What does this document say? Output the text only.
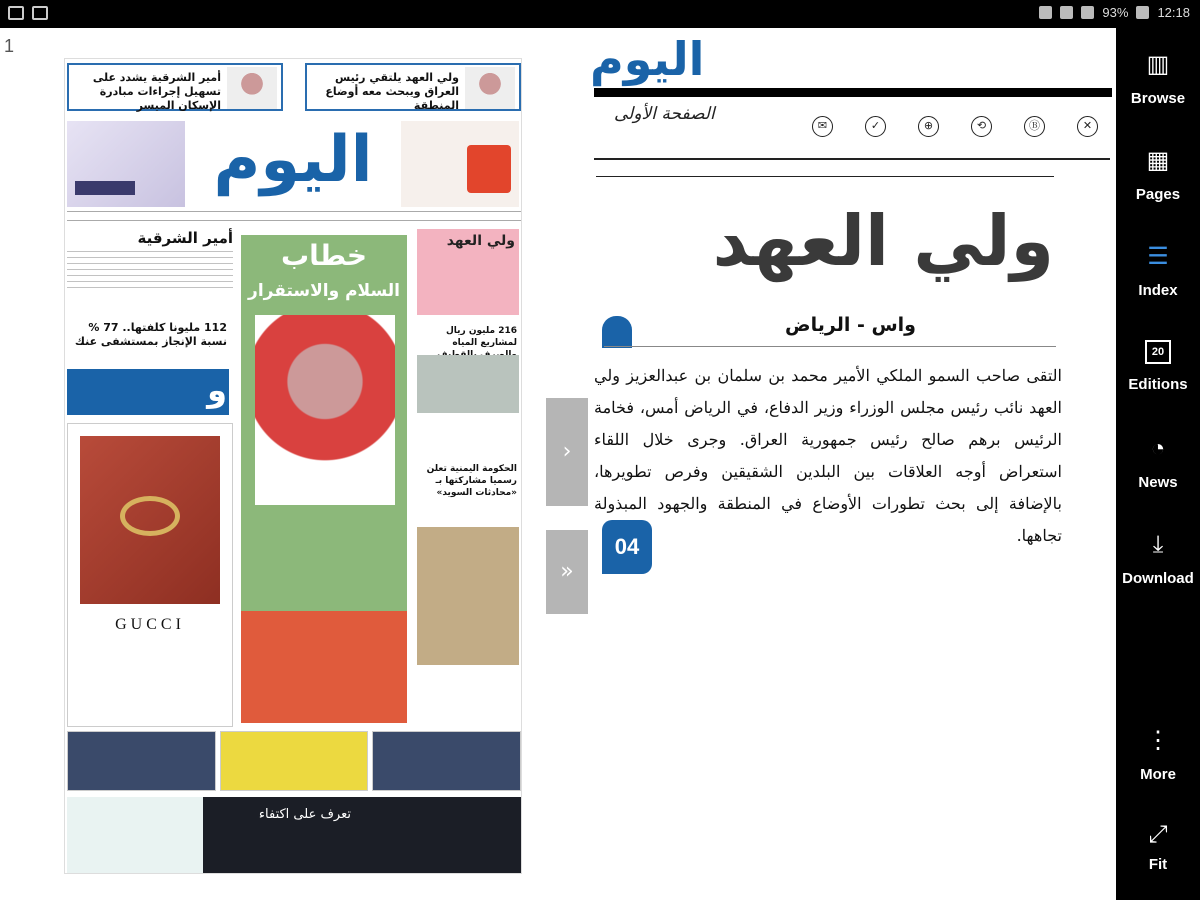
93% 12:18
1
أمير الشرقية يشدد على تسهيل إجراءات مبادرة الإسكان الميسر
ولي العهد يلتقي رئيس العراق ويبحث معه أوضاع المنطقة
اليوم
أمير الشرقية
112 مليونا كلفتها.. 77 % نسبة الإنجاز بمستشفى عنك
و
GUCCI
خطاب
السلام والاستقرار
ولي العهد
216 مليون ريال لمشاريع المياه
الحكومة اليمنية تعلن رسميا مشاركتها بـ «محادثات السويد»
تعرف على اكتفاء
›
»
اليوم
الصفحة الأولى
✉	✓	⊕	⟲	Ⓑ	✕
ولي العهد
واس - الرياض
التقى صاحب السمو الملكي الأمير محمد بن سلمان بن عبدالعزيز ولي العهد نائب رئيس مجلس الوزراء وزير الدفاع، في الرياض أمس، فخامة الرئيس برهم صالح رئيس جمهورية العراق. وجرى خلال اللقاء استعراض أوجه العلاقات بين البلدين الشقيقين وفرص تطويرها، بالإضافة إلى بحث تطورات الأوضاع في المنطقة والجهود المبذولة تجاهها.
04
▥
Browse
▦
Pages
☰
Index
20
Editions
◔
News
⤓
Download
⋮
More
⤢
Fit
